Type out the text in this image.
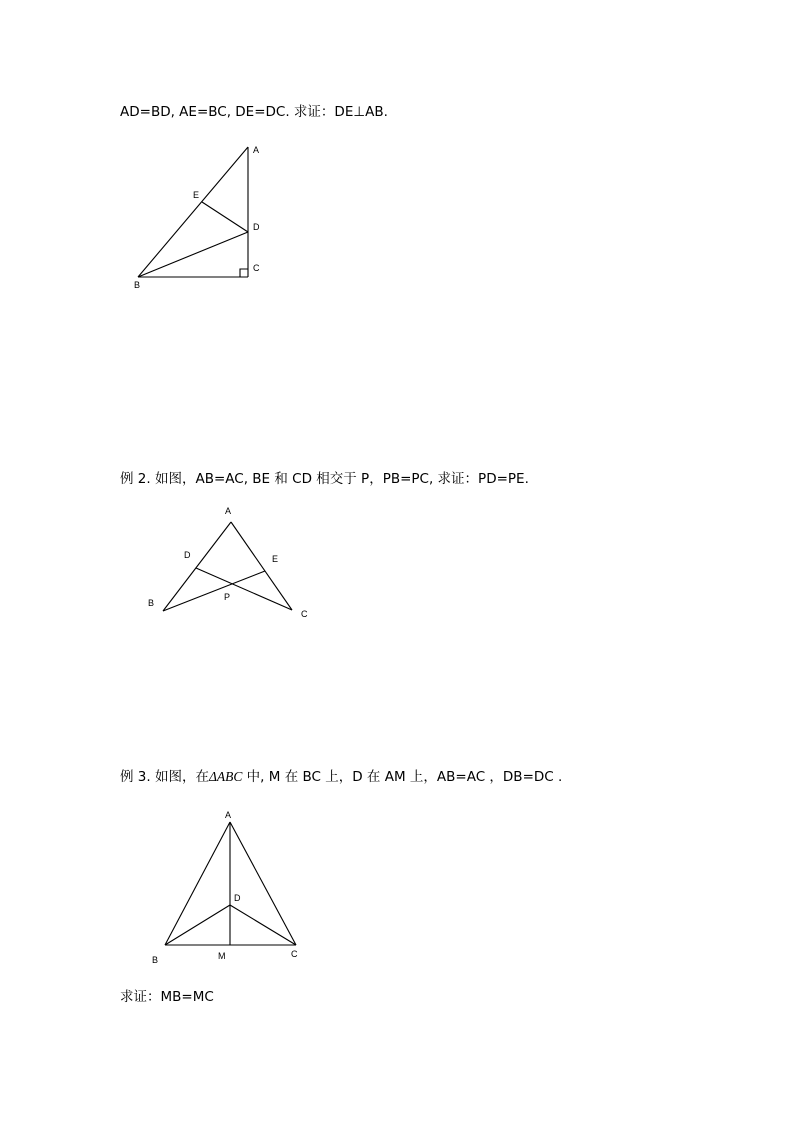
AD=BD, AE=BC, DE=DC. 求证：DE⊥AB.
A
E
D
C
B
例 2. 如图，AB=AC, BE 和 CD 相交于 P，PB=PC, 求证：PD=PE.
A
D	E
B
P
C
例 3. 如图，在ΔABC 中, M 在 BC 上，D 在 AM 上，AB=AC ，DB=DC .
A
D
B	M	C
求证：MB=MC
